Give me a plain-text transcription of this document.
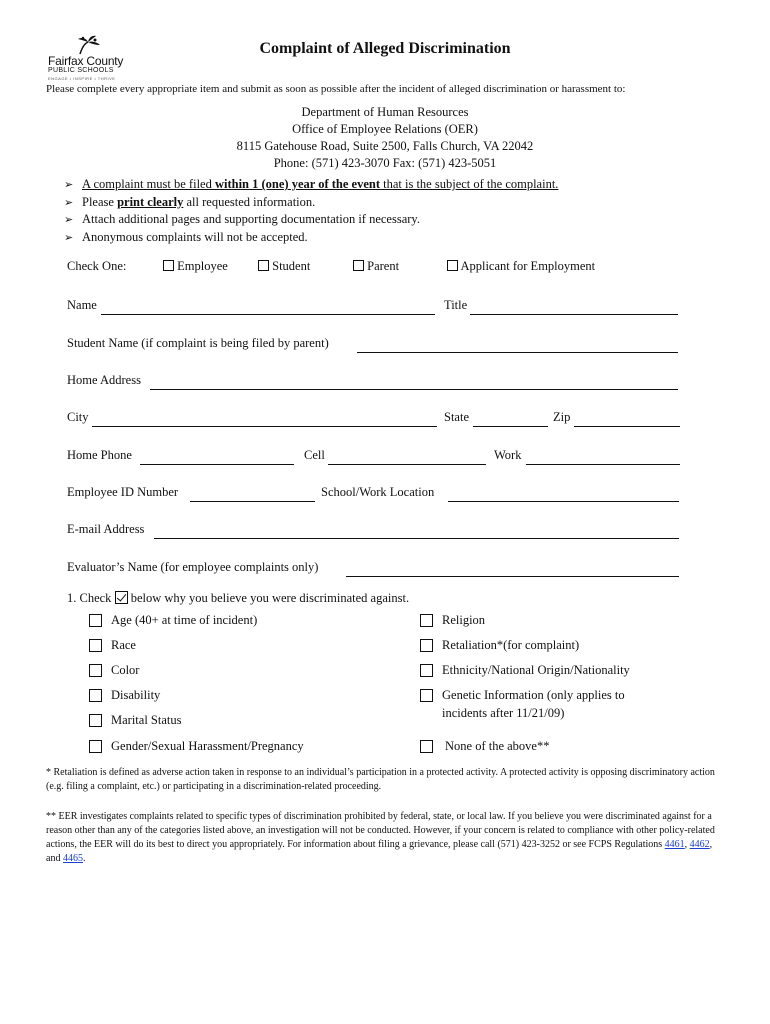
Fairfax County
PUBLIC SCHOOLS
ENGAGE • INSPIRE • THRIVE
Complaint of Alleged Discrimination
Please complete every appropriate item and submit as soon as possible after the incident of alleged discrimination or harassment to:
Department of Human Resources
Office of Employee Relations (OER)
8115 Gatehouse Road, Suite 2500, Falls Church, VA 22042
Phone: (571) 423-3070 Fax: (571) 423-5051
➢ A complaint must be filed within 1 (one) year of the event that is the subject of the complaint.
➢ Please print clearly all requested information.
➢ Attach additional pages and supporting documentation if necessary.
➢ Anonymous complaints will not be accepted.
Check One:	Employee	Student	Parent	Applicant for Employment
Name	Title
Student Name (if complaint is being filed by parent)
Home Address
City	State	Zip
Home Phone	Cell	Work
Employee ID Number	School/Work Location
E-mail Address
Evaluator’s Name (for employee complaints only)
1. Check below why you believe you were discriminated against.
Age (40+ at time of incident)
Race
Color
Disability
Marital Status
Gender/Sexual Harassment/Pregnancy
Religion
Retaliation*(for complaint)
Ethnicity/National Origin/Nationality
Genetic Information (only applies to
incidents after 11/21/09)
None of the above**
* Retaliation is defined as adverse action taken in response to an individual’s participation in a protected activity. A protected activity is opposing discriminatory action (e.g. filing a complaint, etc.) or participating in a discrimination-related proceeding.
** EER investigates complaints related to specific types of discrimination prohibited by federal, state, or local law. If you believe you were discriminated against for a reason other than any of the categories listed above, an investigation will not be conducted. However, if your concern is related to compliance with other policy-related actions, the EER will do its best to direct you appropriately. For information about filing a grievance, please call (571) 423-3252 or see FCPS Regulations 4461, 4462, and 4465.
